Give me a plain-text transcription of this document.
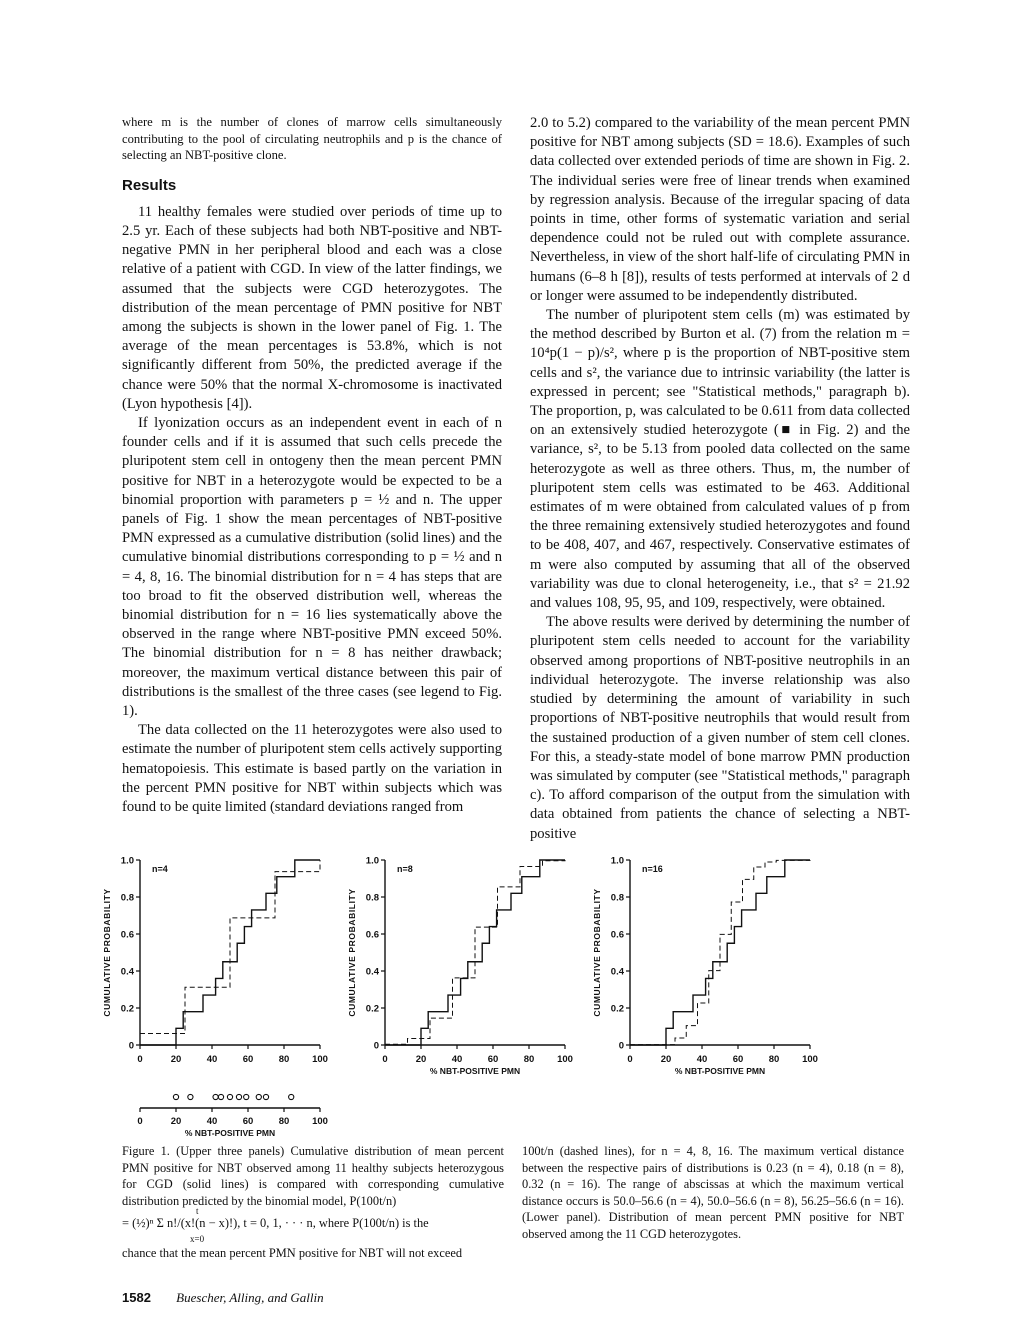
where m is the number of clones of marrow cells simultaneously contributing to the pool of circulating neutrophils and p is the chance of selecting an NBT-positive clone.

Results

11 healthy females were studied over periods of time up to 2.5 yr. Each of these subjects had both NBT-positive and NBT-negative PMN in her peripheral blood and each was a close relative of a patient with CGD. In view of the latter findings, we assumed that the subjects were CGD heterozygotes. The distribution of the mean percentage of PMN positive for NBT among the subjects is shown in the lower panel of Fig. 1. The average of the mean percentages is 53.8%, which is not significantly different from 50%, the predicted average if the chance were 50% that the normal X-chromosome is inactivated (Lyon hypothesis [4]).

If lyonization occurs as an independent event in each of n founder cells and if it is assumed that such cells precede the pluripotent stem cell in ontogeny then the mean percent PMN positive for NBT in a heterozygote would be expected to be a binomial proportion with parameters p = ½ and n. The upper panels of Fig. 1 show the mean percentages of NBT-positive PMN expressed as a cumulative distribution (solid lines) and the cumulative binomial distributions corresponding to p = ½ and n = 4, 8, 16. The binomial distribution for n = 4 has steps that are too broad to fit the observed distribution well, whereas the binomial distribution for n = 16 lies systematically above the observed in the range where NBT-positive PMN exceed 50%. The binomial distribution for n = 8 has neither drawback; moreover, the maximum vertical distance between this pair of distributions is the smallest of the three cases (see legend to Fig. 1).

The data collected on the 11 heterozygotes were also used to estimate the number of pluripotent stem cells actively supporting hematopoiesis. This estimate is based partly on the variation in the percent PMN positive for NBT within subjects which was found to be quite limited (standard deviations ranged from

2.0 to 5.2) compared to the variability of the mean percent PMN positive for NBT among subjects (SD = 18.6). Examples of such data collected over extended periods of time are shown in Fig. 2. The individual series were free of linear trends when examined by regression analysis. Because of the irregular spacing of data points in time, other forms of systematic variation and serial dependence could not be ruled out with complete assurance. Nevertheless, in view of the short half-life of circulating PMN in humans (6–8 h [8]), results of tests performed at intervals of 2 d or longer were assumed to be independently distributed.

The number of pluripotent stem cells (m) was estimated by the method described by Burton et al. (7) from the relation m = 10⁴p(1 − p)/s², where p is the proportion of NBT-positive stem cells and s², the variance due to intrinsic variability (the latter is expressed in percent; see "Statistical methods," paragraph b). The proportion, p, was calculated to be 0.611 from data collected on an extensively studied heterozygote (■ in Fig. 2) and the variance, s², to be 5.13 from pooled data collected on the same heterozygote as well as three others. Thus, m, the number of pluripotent stem cells was estimated to be 463. Additional estimates of m were obtained from calculated values of p from the three remaining extensively studied heterozygotes and found to be 408, 407, and 467, respectively. Conservative estimates of m were also computed by assuming that all of the observed variability was due to clonal heterogeneity, i.e., that s² = 21.92 and values 108, 95, 95, and 109, respectively, were obtained.

The above results were derived by determining the number of pluripotent stem cells needed to account for the variability observed among proportions of NBT-positive neutrophils in an individual heterozygote. The inverse relationship was also studied by determining the amount of variability in such proportions of NBT-positive neutrophils that would result from the sustained production of a given number of stem cell clones. For this, a steady-state model of bone marrow PMN production was simulated by computer (see "Statistical methods," paragraph c). To afford comparison of the output from the simulation with data obtained from patients the chance of selecting a NBT-positive

0
0.2
0.4
0.6
0.8
1.0
0	20	40	60	80 100
CUMULATIVE PROBABILITY
n=4
0
0.2
0.4
0.6
0.8
1.0
0	20	40	60	80 100
CUMULATIVE PROBABILITY
n=8
% NBT-POSITIVE PMN
0
0.2
0.4
0.6
0.8
1.0
0	20	40	60	80 100
CUMULATIVE PROBABILITY
n=16
% NBT-POSITIVE PMN
0	20	40	60	80 100
% NBT-POSITIVE PMN
Figure 1. (Upper three panels) Cumulative distribution of mean percent PMN positive for NBT observed among 11 healthy subjects heterozygous for CGD (solid lines) is compared with corresponding cumulative distribution predicted by the binomial model, P(100t/n)
t
= (½)ⁿ Σ n!/(x!(n − x)!), t = 0, 1, · · · n, where P(100t/n) is the
x=0
chance that the mean percent PMN positive for NBT will not exceed
100t/n (dashed lines), for n = 4, 8, 16. The maximum vertical distance between the respective pairs of distributions is 0.23 (n = 4), 0.18 (n = 8), 0.32 (n = 16). The range of abscissas at which the maximum vertical distance occurs is 50.0–56.6 (n = 4), 50.0–56.6 (n = 8), 56.25–56.6 (n = 16). (Lower panel). Distribution of mean percent PMN positive for NBT observed among the 11 CGD heterozygotes.
1582 Buescher, Alling, and Gallin
